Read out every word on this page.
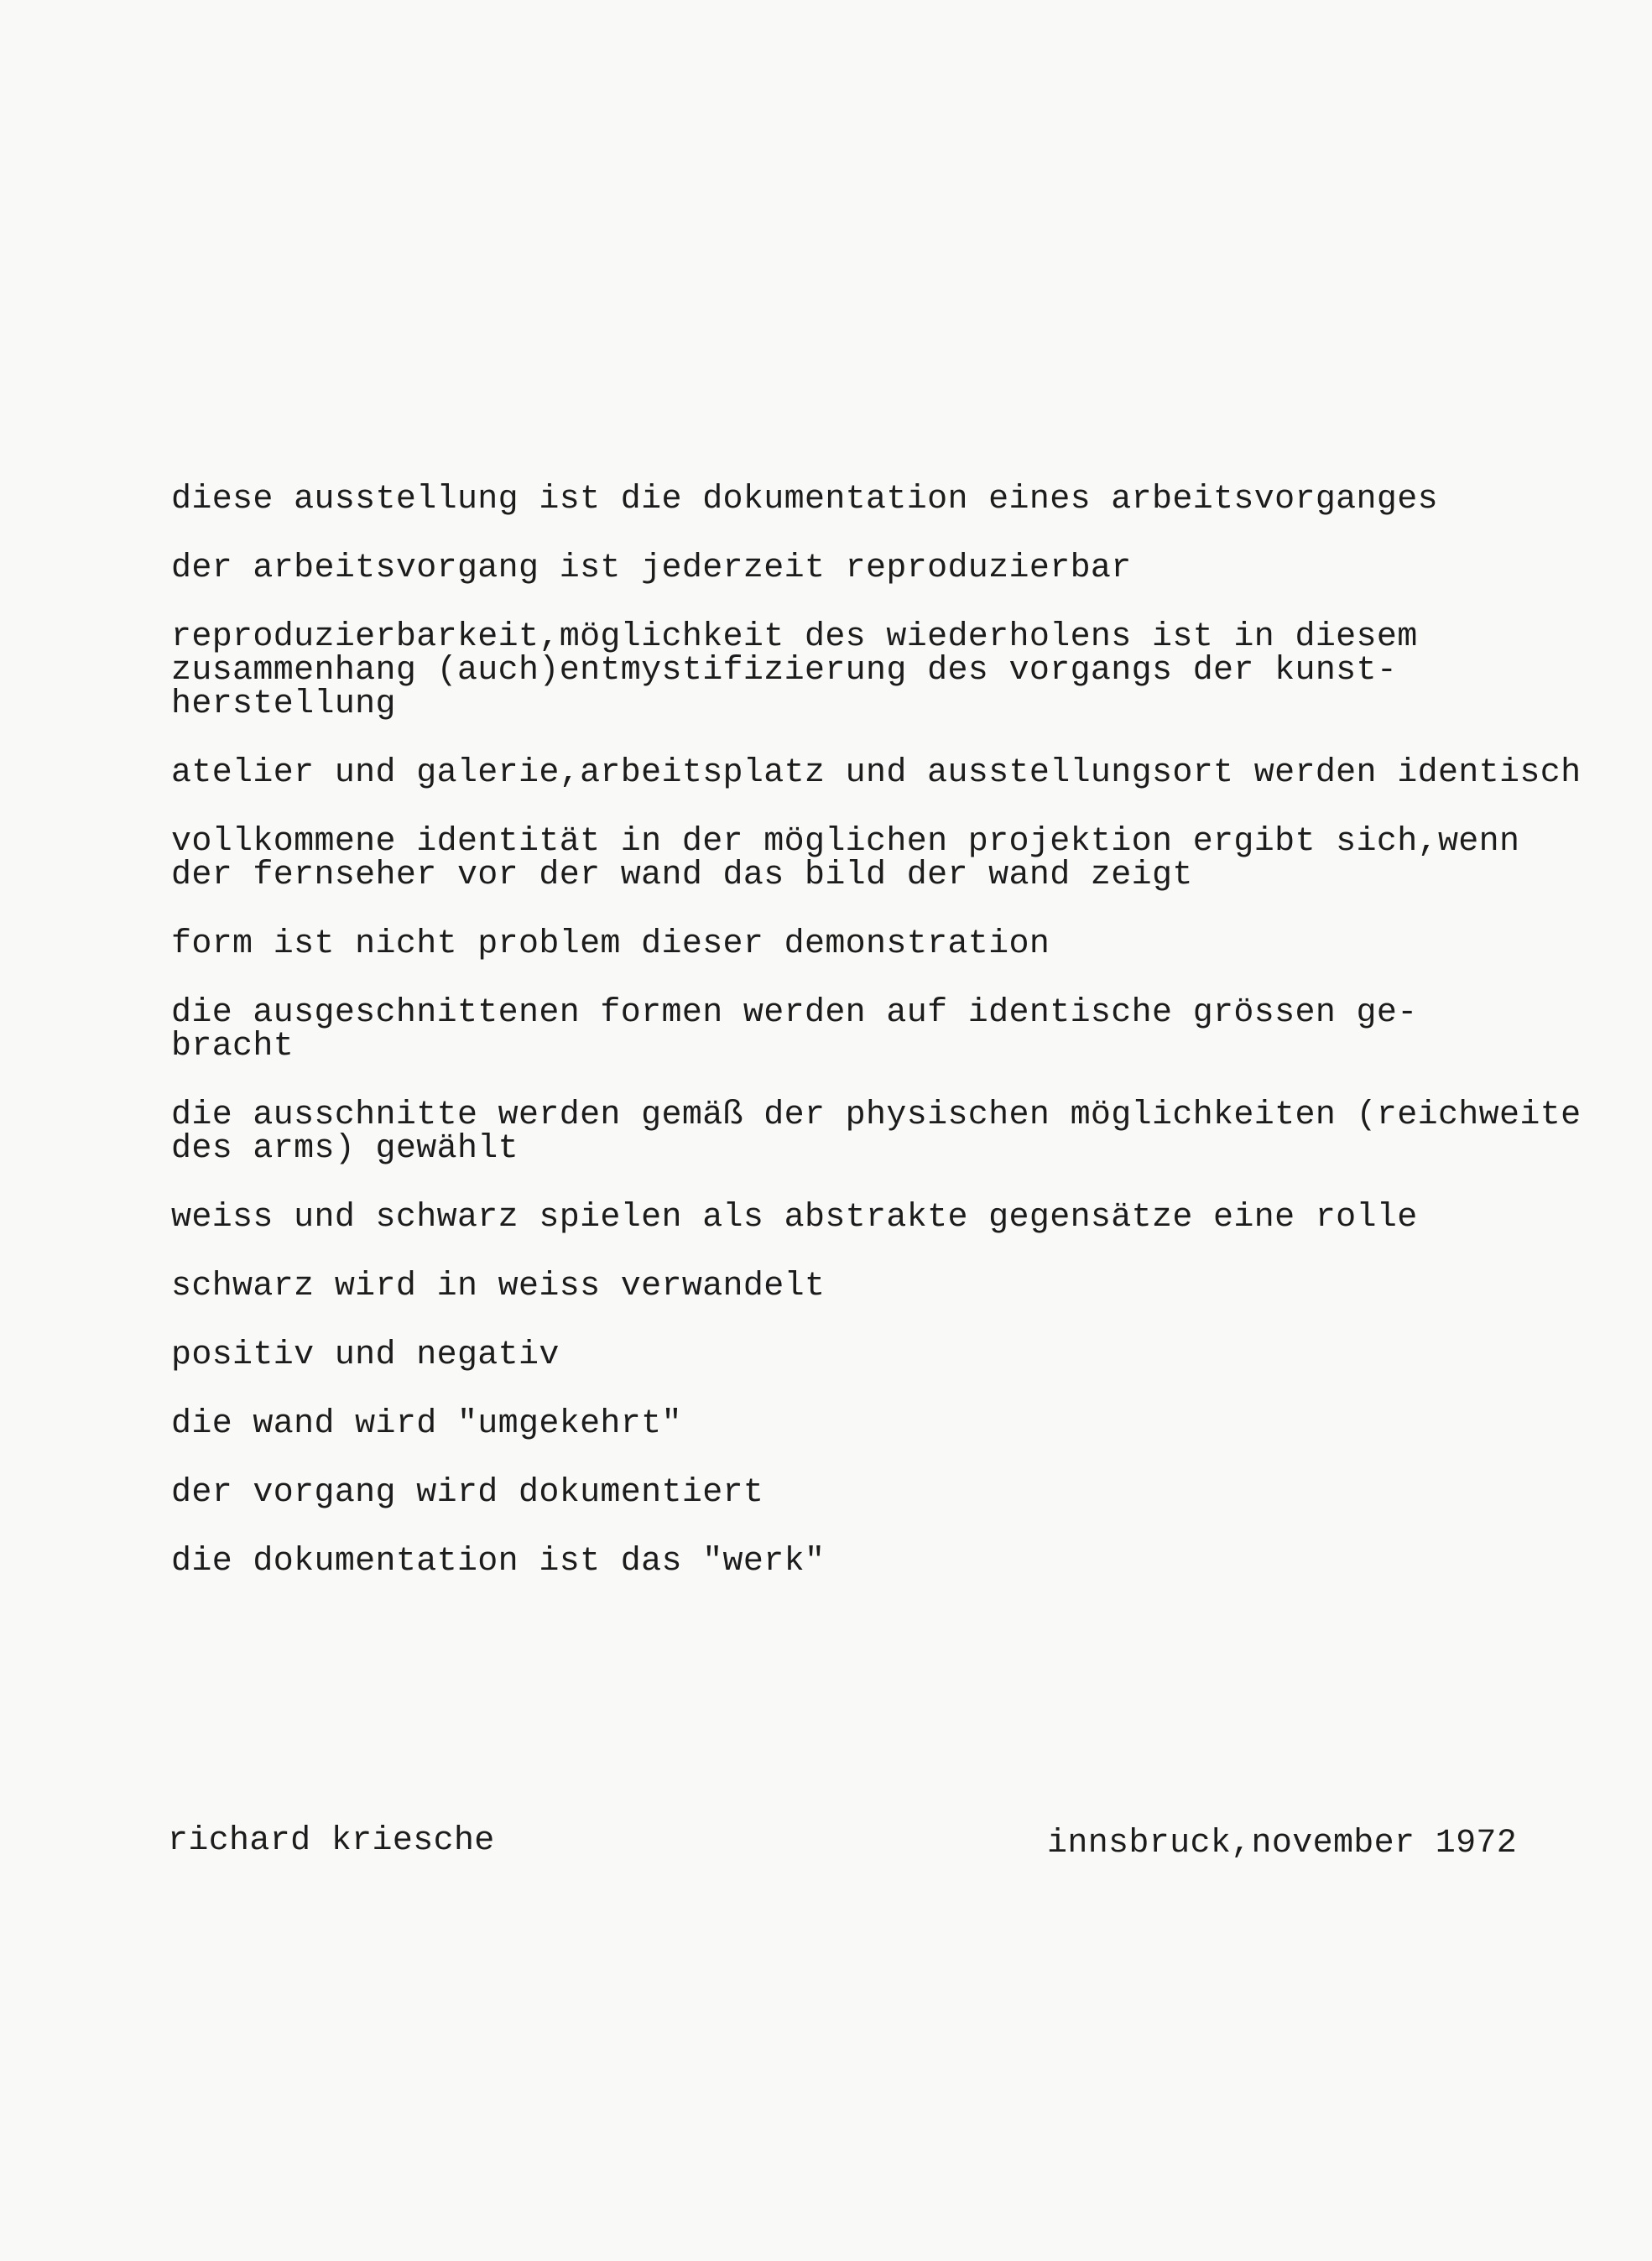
diese ausstellung ist die dokumentation eines arbeitsvorganges
der arbeitsvorgang ist jederzeit reproduzierbar
reproduzierbarkeit,möglichkeit des wiederholens ist in diesem
zusammenhang (auch)entmystifizierung des vorgangs der kunst-
herstellung
atelier und galerie,arbeitsplatz und ausstellungsort werden identisch
vollkommene identität in der möglichen projektion ergibt sich,wenn
der fernseher vor der wand das bild der wand zeigt
form ist nicht problem dieser demonstration
die ausgeschnittenen formen werden auf identische grössen ge-
bracht
die ausschnitte werden gemäß der physischen möglichkeiten (reichweite
des arms) gewählt
weiss und schwarz spielen als abstrakte gegensätze eine rolle
schwarz wird in weiss verwandelt
positiv und negativ
die wand wird "umgekehrt"
der vorgang wird dokumentiert
die dokumentation ist das "werk"
richard kriesche	innsbruck,november 1972
